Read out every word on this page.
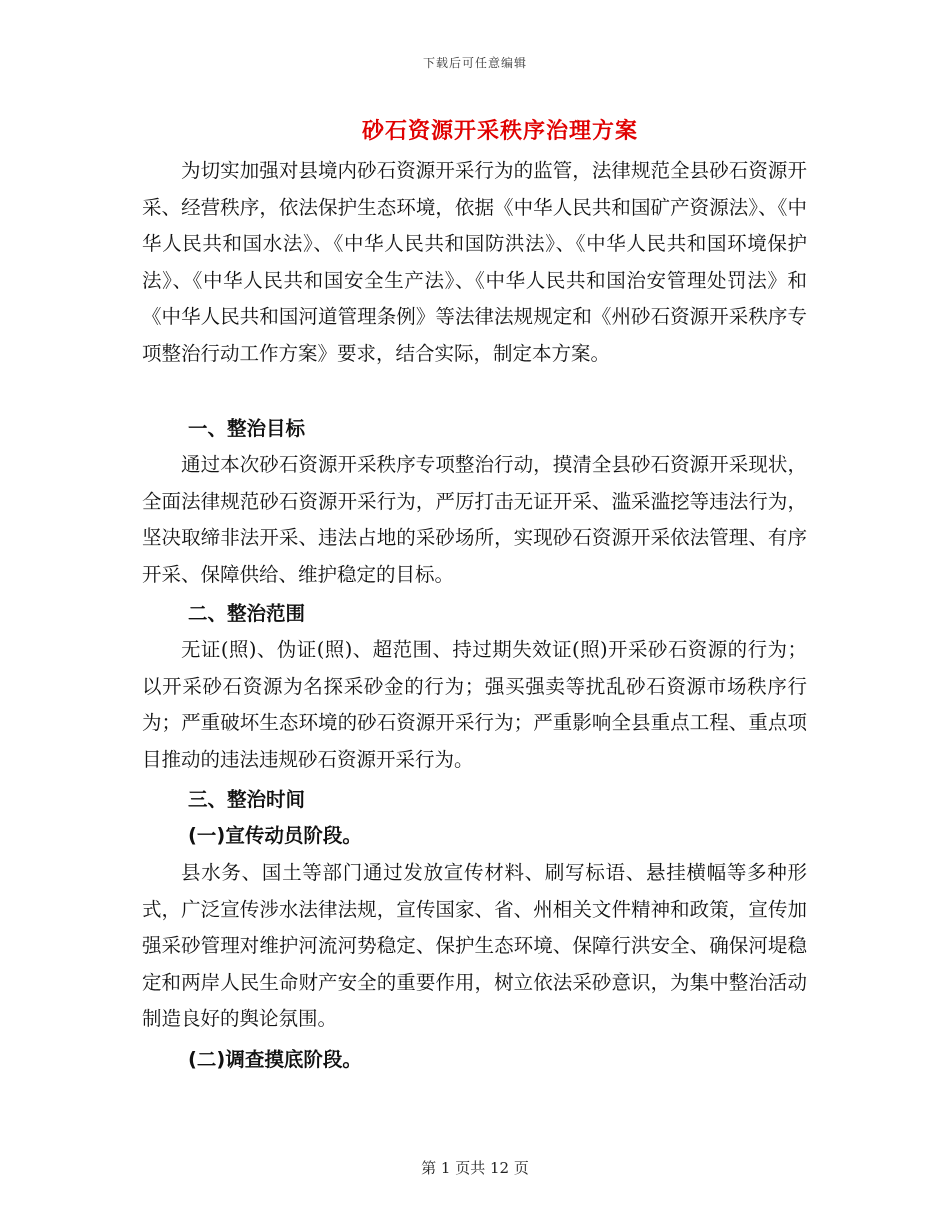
下载后可任意编辑
砂石资源开采秩序治理方案

为切实加强对县境内砂石资源开采行为的监管，法律规范全县砂石资源开采、经营秩序，依法保护生态环境，依据《中华人民共和国矿产资源法》、《中华人民共和国水法》、《中华人民共和国防洪法》、《中华人民共和国环境保护法》、《中华人民共和国安全生产法》、《中华人民共和国治安管理处罚法》和《中华人民共和国河道管理条例》等法律法规规定和《州砂石资源开采秩序专项整治行动工作方案》要求，结合实际，制定本方案。

一、整治目标

通过本次砂石资源开采秩序专项整治行动，摸清全县砂石资源开采现状，全面法律规范砂石资源开采行为，严厉打击无证开采、滥采滥挖等违法行为，坚决取缔非法开采、违法占地的采砂场所，实现砂石资源开采依法管理、有序开采、保障供给、维护稳定的目标。

二、整治范围

无证(照)、伪证(照)、超范围、持过期失效证(照)开采砂石资源的行为；以开采砂石资源为名探采砂金的行为；强买强卖等扰乱砂石资源市场秩序行为；严重破坏生态环境的砂石资源开采行为；严重影响全县重点工程、重点项目推动的违法违规砂石资源开采行为。

三、整治时间
(一)宣传动员阶段。

县水务、国土等部门通过发放宣传材料、刷写标语、悬挂横幅等多种形式，广泛宣传涉水法律法规，宣传国家、省、州相关文件精神和政策，宣传加强采砂管理对维护河流河势稳定、保护生态环境、保障行洪安全、确保河堤稳定和两岸人民生命财产安全的重要作用，树立依法采砂意识，为集中整治活动制造良好的舆论氛围。

(二)调查摸底阶段。
第 1 页共 12 页
